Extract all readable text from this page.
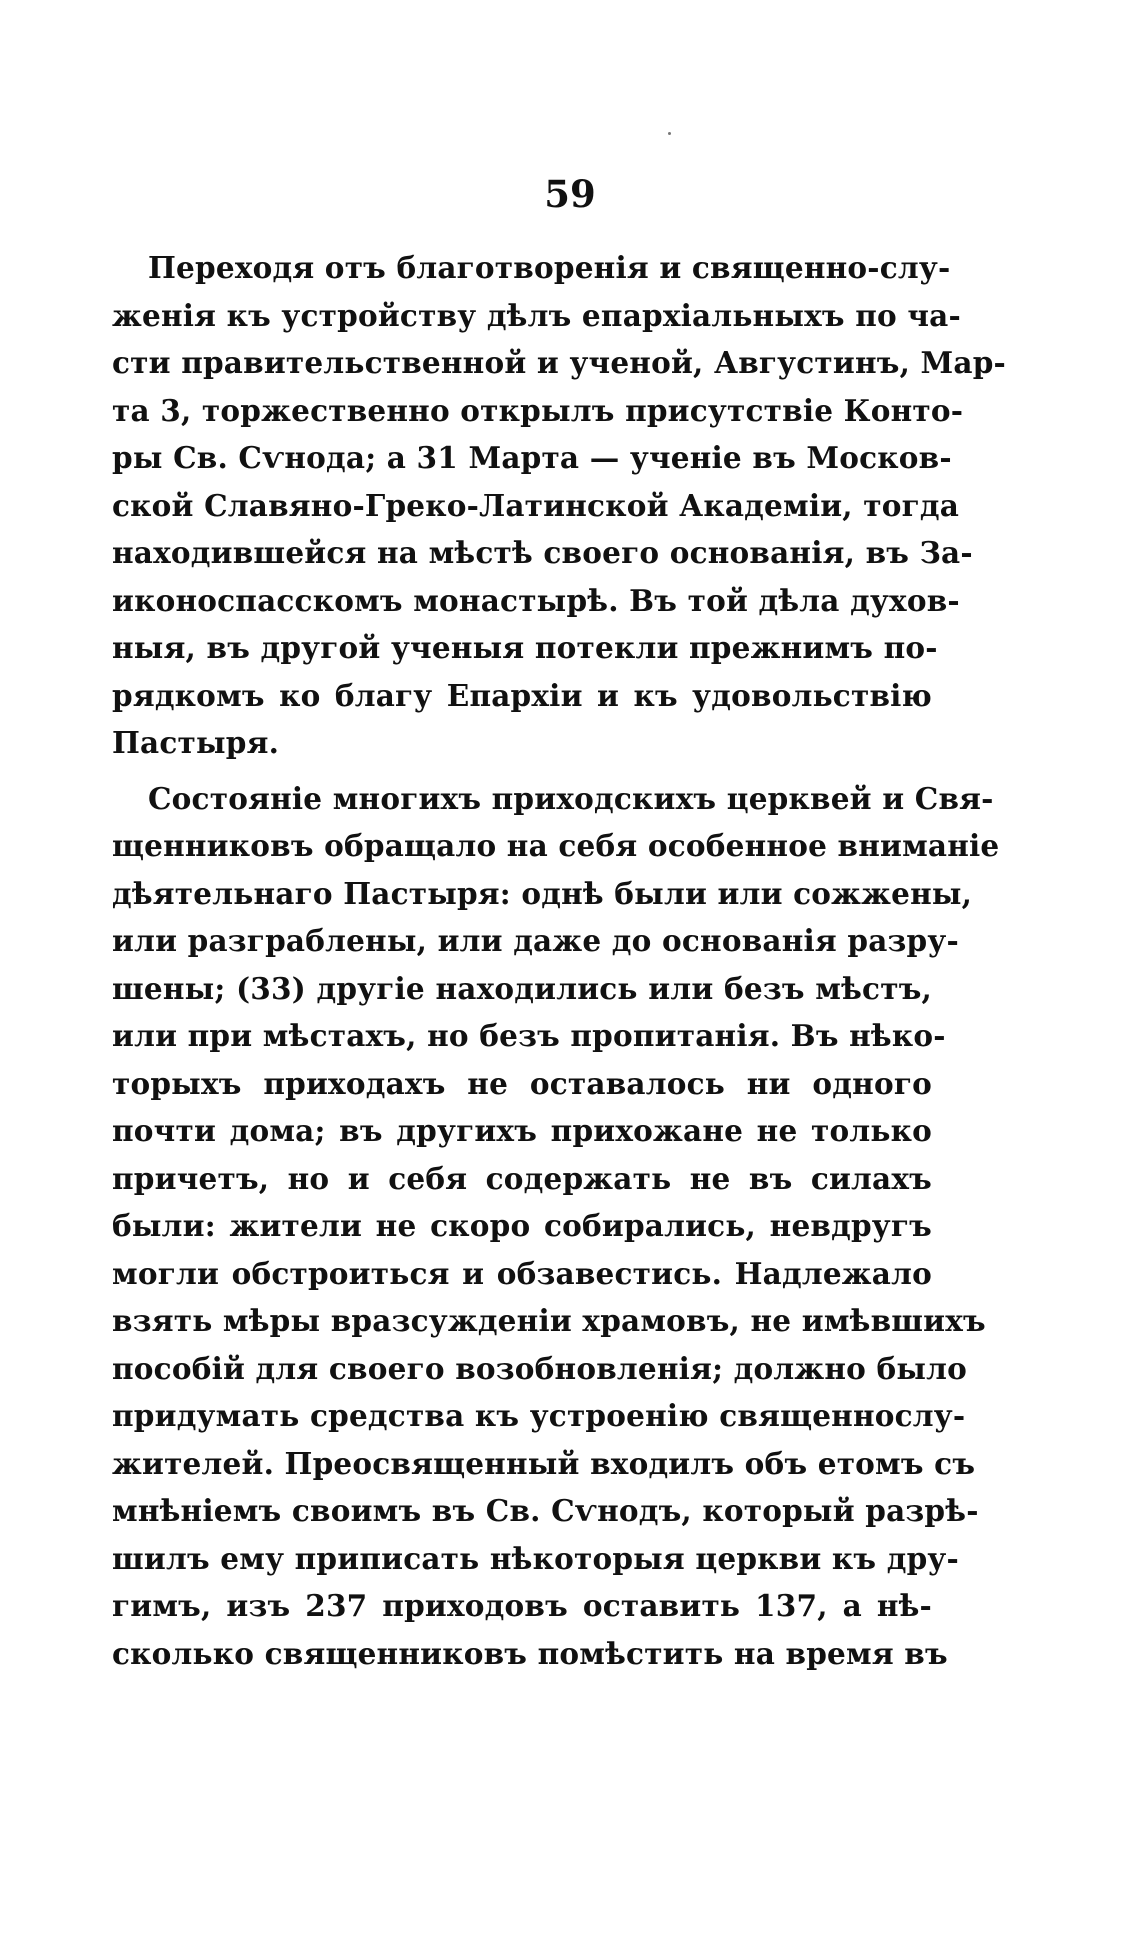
59
Переходя отъ благотворенія и священно-слу-
женія къ устройству дѣлъ епархіальныхъ по ча-
сти правительственной и ученой, Августинъ, Мар-
та 3, торжественно открылъ присутствіе Конто-
ры Св. Сѵнода; а 31 Марта — ученіе въ Москов-
ской Славяно-Греко-Латинской Академіи, тогда
находившейся на мѣстѣ своего основанія, въ За-
иконоспасскомъ монастырѣ. Въ той дѣла духов-
ныя, въ другой ученыя потекли прежнимъ по-
рядкомъ ко благу Епархіи и къ удовольствію
Пастыря.
Состояніе многихъ приходскихъ церквей и Свя-
щенниковъ обращало на себя особенное вниманіе
дѣятельнаго Пастыря: однѣ были или сожжены,
или разграблены, или даже до основанія разру-
шены; (33) другіе находились или безъ мѣстъ,
или при мѣстахъ, но безъ пропитанія. Въ нѣко-
торыхъ приходахъ не оставалось ни одного
почти дома; въ другихъ прихожане не только
причетъ, но и себя содержать не въ силахъ
были: жители не скоро собирались, невдругъ
могли обстроиться и обзавестись. Надлежало
взять мѣры вразсужденіи храмовъ, не имѣвшихъ
пособій для своего возобновленія; должно было
придумать средства къ устроенію священнослу-
жителей. Преосвященный входилъ объ етомъ съ
мнѣніемъ своимъ въ Св. Сѵнодъ, который разрѣ-
шилъ ему приписать нѣкоторыя церкви къ дру-
гимъ, изъ 237 приходовъ оставить 137, а нѣ-
сколько священниковъ помѣстить на время въ
